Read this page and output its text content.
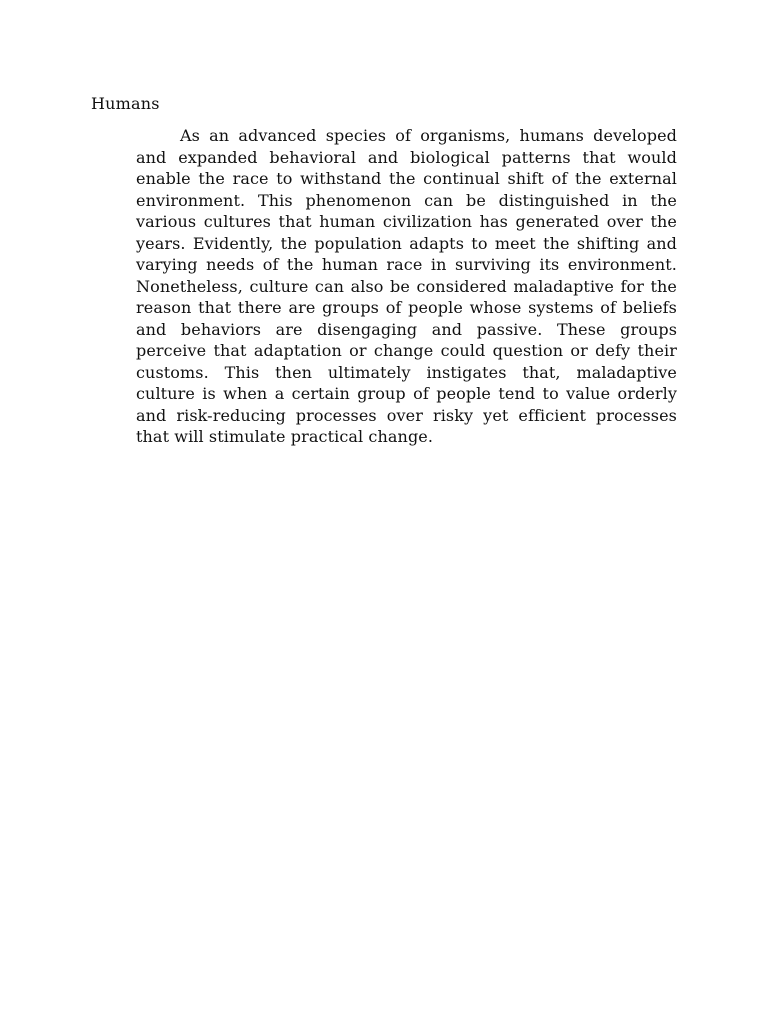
Humans

As an advanced species of organisms, humans developed and expanded behavioral and biological patterns that would enable the race to withstand the continual shift of the external environment. This phenomenon can be distinguished in the various cultures that human civilization has generated over the years. Evidently, the population adapts to meet the shifting and varying needs of the human race in surviving its environment. Nonetheless, culture can also be considered maladaptive for the reason that there are groups of people whose systems of beliefs and behaviors are disengaging and passive. These groups perceive that adaptation or change could question or defy their customs. This then ultimately instigates that, maladaptive culture is when a certain group of people tend to value orderly and risk-reducing processes over risky yet efficient processes that will stimulate practical change.
